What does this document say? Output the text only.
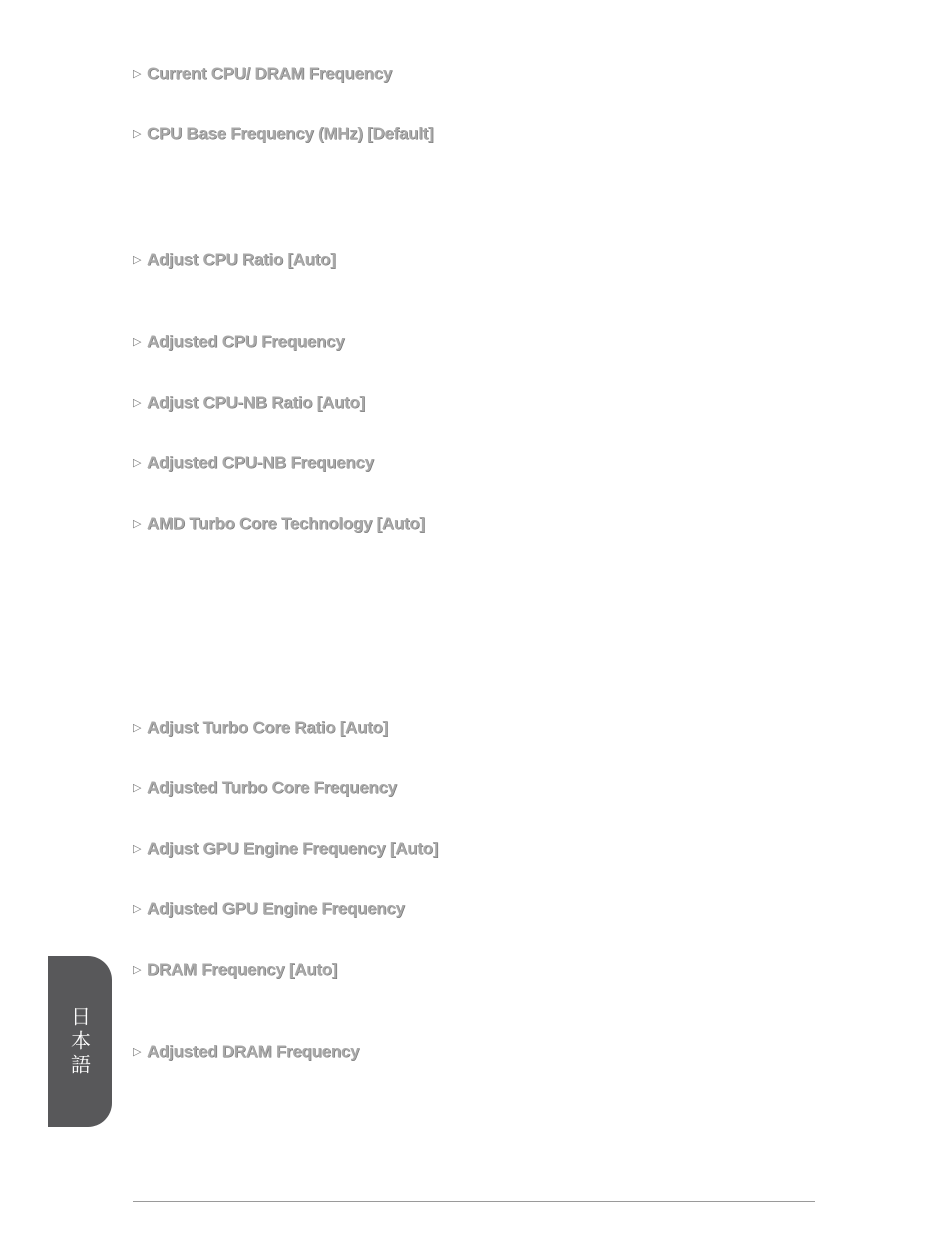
▷ Current CPU/ DRAM Frequency
▷ CPU Base Frequency (MHz) [Default]
▷ Adjust CPU Ratio [Auto]
▷ Adjusted CPU Frequency
▷ Adjust CPU-NB Ratio [Auto]
▷ Adjusted CPU-NB Frequency
▷ AMD Turbo Core Technology [Auto]
▷ Adjust Turbo Core Ratio [Auto]
▷ Adjusted Turbo Core Frequency
▷ Adjust GPU Engine Frequency [Auto]
▷ Adjusted GPU Engine Frequency
▷ DRAM Frequency [Auto]
▷ Adjusted DRAM Frequency
日本語
